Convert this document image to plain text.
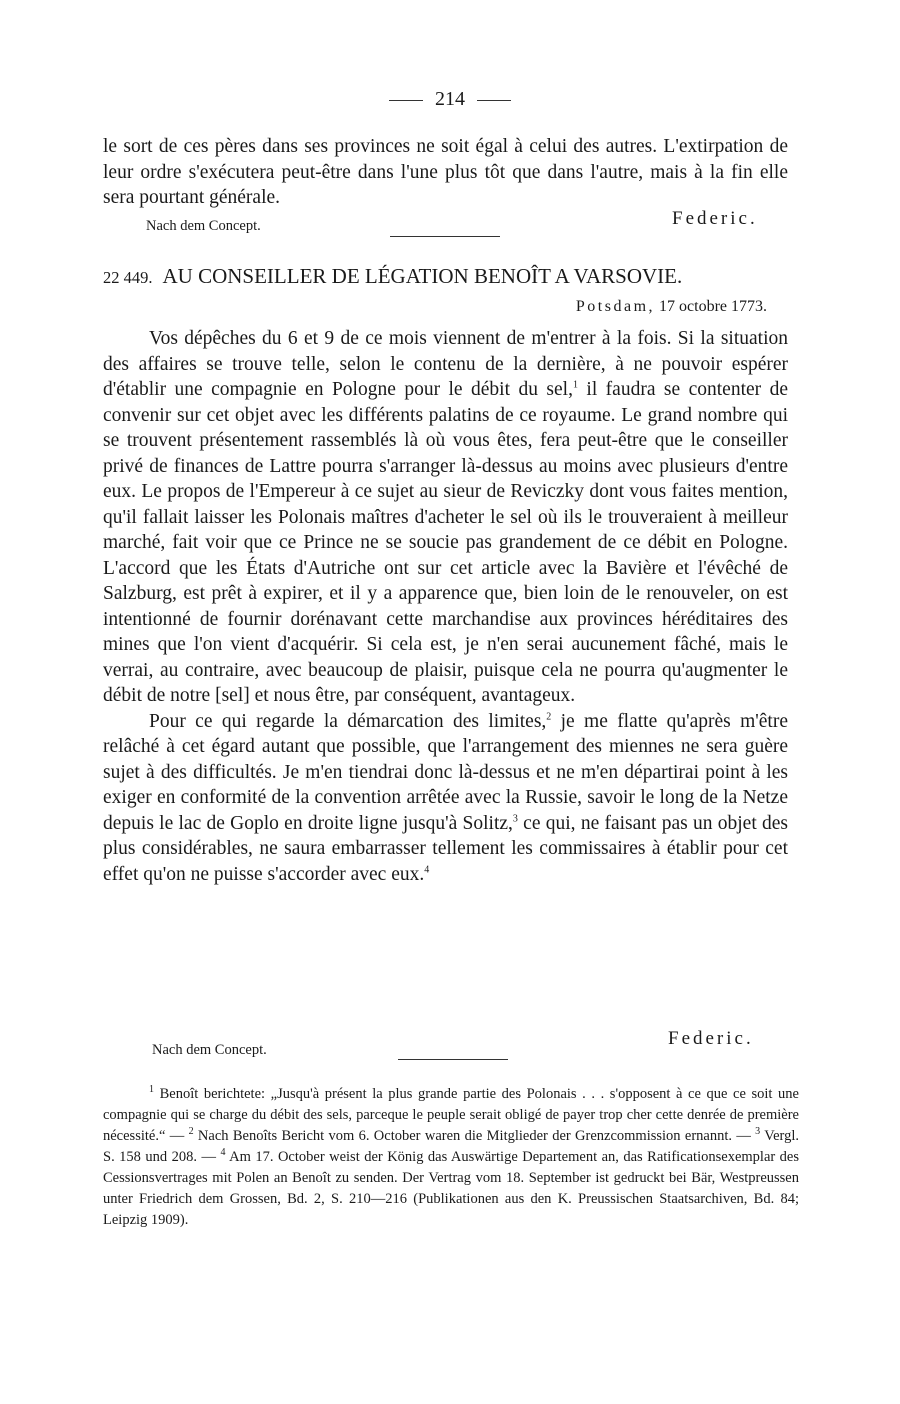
214

le sort de ces pères dans ses provinces ne soit égal à celui des autres. L'extirpation de leur ordre s'exécutera peut-être dans l'une plus tôt que dans l'autre, mais à la fin elle sera pourtant générale.

Nach dem Concept.	Federic.
22 449. AU CONSEILLER DE LÉGATION BENOÎT A VARSOVIE.
Potsdam, 17 octobre 1773.

Vos dépêches du 6 et 9 de ce mois viennent de m'entrer à la fois. Si la situation des affaires se trouve telle, selon le contenu de la dernière, à ne pouvoir espérer d'établir une compagnie en Pologne pour le débit du sel,$^1$ il faudra se contenter de convenir sur cet objet avec les différents palatins de ce royaume. Le grand nombre qui se trouvent présentement rassemblés là où vous êtes, fera peut-être que le conseiller privé de finances de Lattre pourra s'arranger là-dessus au moins avec plusieurs d'entre eux. Le propos de l'Empereur à ce sujet au sieur de Reviczky dont vous faites mention, qu'il fallait laisser les Polonais maîtres d'acheter le sel où ils le trouveraient à meilleur marché, fait voir que ce Prince ne se soucie pas grandement de ce débit en Pologne. L'accord que les États d'Autriche ont sur cet article avec la Bavière et l'évêché de Salzburg, est prêt à expirer, et il y a apparence que, bien loin de le renouveler, on est intentionné de fournir dorénavant cette marchandise aux provinces héréditaires des mines que l'on vient d'acquérir. Si cela est, je n'en serai aucunement fâché, mais le verrai, au contraire, avec beaucoup de plaisir, puisque cela ne pourra qu'augmenter le débit de notre [sel] et nous être, par conséquent, avantageux.

Pour ce qui regarde la démarcation des limites,$^2$ je me flatte qu'après m'être relâché à cet égard autant que possible, que l'arrangement des miennes ne sera guère sujet à des difficultés. Je m'en tiendrai donc là-dessus et ne m'en départirai point à les exiger en conformité de la convention arrêtée avec la Russie, savoir le long de la Netze depuis le lac de Goplo en droite ligne jusqu'à Solitz,$^3$ ce qui, ne faisant pas un objet des plus considérables, ne saura embarrasser tellement les commissaires à établir pour cet effet qu'on ne puisse s'accorder avec eux.$^4$

Nach dem Concept.
Federic.

$^1$ Benoît berichtete: „Jusqu'à présent la plus grande partie des Polonais . . . s'opposent à ce que ce soit une compagnie qui se charge du débit des sels, parceque le peuple serait obligé de payer trop cher cette denrée de première nécessité.“ — $^2$ Nach Benoîts Bericht vom 6. October waren die Mitglieder der Grenzcommission ernannt. — $^3$ Vergl. S. 158 und 208. — $^4$ Am 17. October weist der König das Auswärtige Departement an, das Ratificationsexemplar des Cessionsvertrages mit Polen an Benoît zu senden. Der Vertrag vom 18. September ist gedruckt bei Bär, Westpreussen unter Friedrich dem Grossen, Bd. 2, S. 210—216 (Publikationen aus den K. Preussischen Staatsarchiven, Bd. 84; Leipzig 1909).
